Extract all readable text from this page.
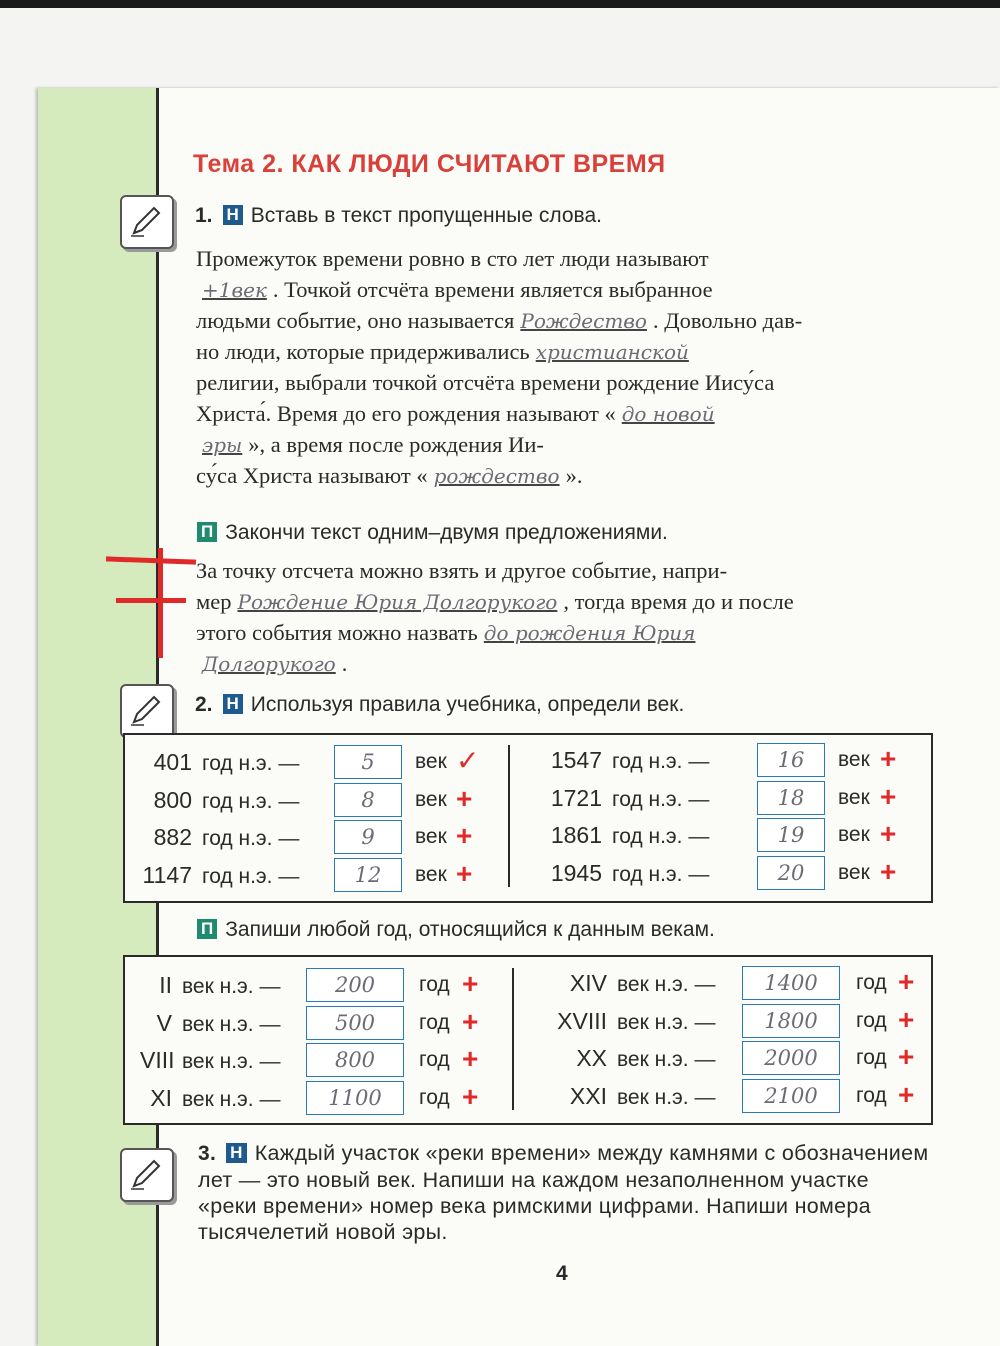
Тема 2. КАК ЛЮДИ СЧИТАЮТ ВРЕМЯ
1. Н Вставь в текст пропущенные слова.
Промежуток времени ровно в сто лет люди называют
+1век . Точкой отсчёта времени является выбранное
людьми событие, оно называется Рождество . Довольно дав-
но люди, которые придерживались христианской
религии, выбрали точкой отсчёта времени рождение Иису́са
Христа́. Время до его рождения называют « до новой
эры », а время после рождения Ии-
су́са Христа называют « рождество ».
П Закончи текст одним–двумя предложениями.
За точку отсчета можно взять и другое событие, напри-
мер Рождение Юрия Долгорукого , тогда время до и после
этого события можно назвать до рождения Юрия
Долгорукого .
2. Н Используя правила учебника, определи век.
401 год н.э. —	5	век ✓
800 год н.э. —	8	век +
882 год н.э. —	9	век +
1147 год н.э. —	12	век +
1547 год н.э. —	16	век +
1721 год н.э. —	18	век +
1861 год н.э. —	19	век +
1945 год н.э. —	20	век +
П Запиши любой год, относящийся к данным векам.
II век н.э. —	200	год +
V век н.э. —	500	год +
VIII век н.э. —	800	год +
XI век н.э. —	1100	год +
XIV век н.э. —	1400	год +
XVIII век н.э. —	1800	год +
XX век н.э. —	2000	год +
XXI век н.э. —	2100	год +
3. Н Каждый участок «реки времени» между камнями с обозначением лет — это новый век. Напиши на каждом незаполненном участке «реки времени» номер века римскими цифрами. Напиши номера тысячелетий новой эры.
4
